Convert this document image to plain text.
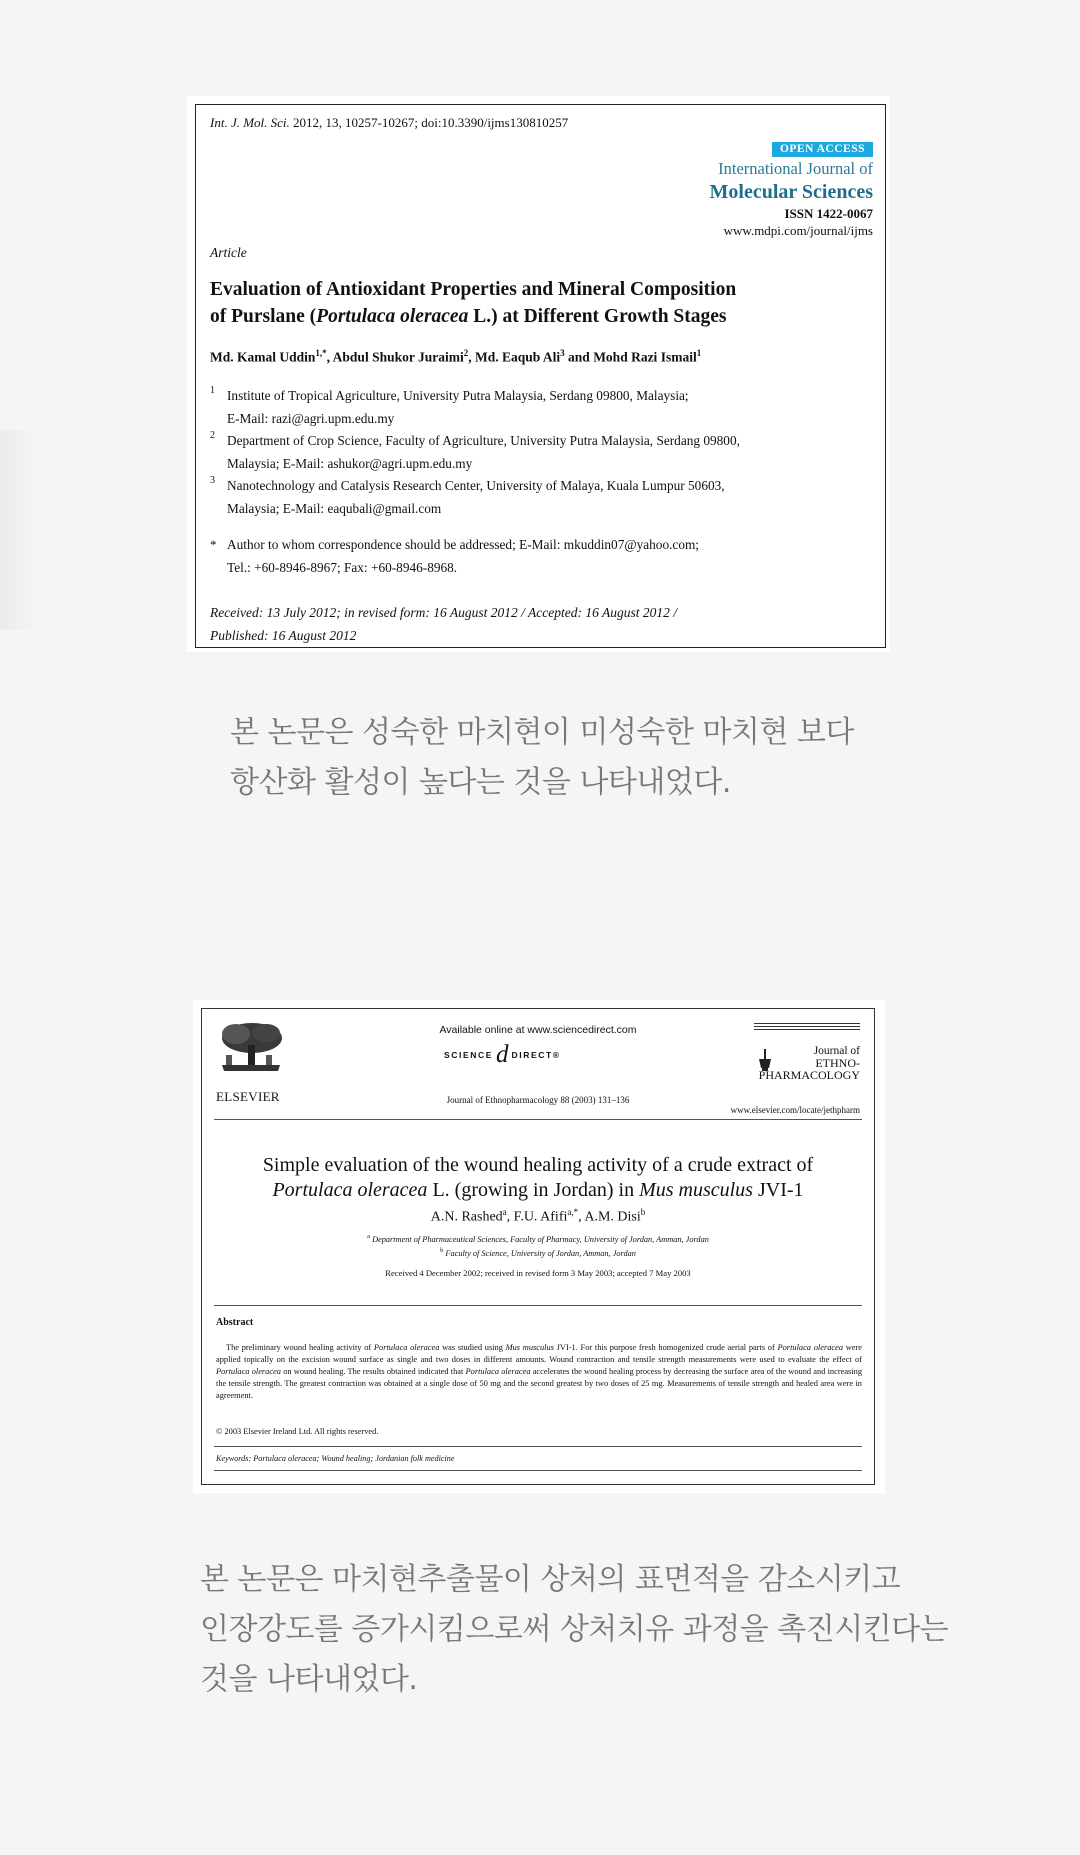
Int. J. Mol. Sci. 2012, 13, 10257-10267; doi:10.3390/ijms130810257
OPEN ACCESS
International Journal of
Molecular Sciences
ISSN 1422-0067
www.mdpi.com/journal/ijms
Article
Evaluation of Antioxidant Properties and Mineral Composition
of Purslane (Portulaca oleracea L.) at Different Growth Stages
Md. Kamal Uddin$^{1,*}$, Abdul Shukor Juraimi$^2$, Md. Eaqub Ali$^3$ and Mohd Razi Ismail$^1$
1 Institute of Tropical Agriculture, University Putra Malaysia, Serdang 09800, Malaysia;
E-Mail: razi@agri.upm.edu.my
2 Department of Crop Science, Faculty of Agriculture, University Putra Malaysia, Serdang 09800,
Malaysia; E-Mail: ashukor@agri.upm.edu.my
3 Nanotechnology and Catalysis Research Center, University of Malaya, Kuala Lumpur 50603,
Malaysia; E-Mail: eaqubali@gmail.com
* Author to whom correspondence should be addressed; E-Mail: mkuddin07@yahoo.com;
Tel.: +60-8946-8967; Fax: +60-8946-8968.
Received: 13 July 2012; in revised form: 16 August 2012 / Accepted: 16 August 2012 /
Published: 16 August 2012
본 논문은 성숙한 마치현이 미성숙한 마치현 보다
항산화 활성이 높다는 것을 나타내었다.
ELSEVIER
Available online at www.sciencedirect.com
SCIENCE d DIRECT®
Journal of Ethnopharmacology 88 (2003) 131–136
Journal of
ETHNO-
PHARMACOLOGY
www.elsevier.com/locate/jethpharm
Simple evaluation of the wound healing activity of a crude extract of
Portulaca oleracea L. (growing in Jordan) in Mus musculus JVI-1
A.N. Rashed$^a$, F.U. Afifi$^{a,*}$, A.M. Disi$^b$
$^a$ Department of Pharmaceutical Sciences, Faculty of Pharmacy, University of Jordan, Amman, Jordan
$^b$ Faculty of Science, University of Jordan, Amman, Jordan
Received 4 December 2002; received in revised form 3 May 2003; accepted 7 May 2003
Abstract

The preliminary wound healing activity of Portulaca oleracea was studied using Mus musculus JVI-1. For this purpose fresh homogenized crude aerial parts of Portulaca oleracea were applied topically on the excision wound surface as single and two doses in different amounts. Wound contraction and tensile strength measurements were used to evaluate the effect of Portulaca oleracea on wound healing. The results obtained indicated that Portulaca oleracea accelerates the wound healing process by decreasing the surface area of the wound and increasing the tensile strength. The greatest contraction was obtained at a single dose of 50 mg and the second greatest by two doses of 25 mg. Measurements of tensile strength and healed area were in agreement.

© 2003 Elsevier Ireland Ltd. All rights reserved.
Keywords: Portulaca oleracea; Wound healing; Jordanian folk medicine
본 논문은 마치현추출물이 상처의 표면적을 감소시키고
인장강도를 증가시킴으로써 상처치유 과정을 촉진시킨다는
것을 나타내었다.
